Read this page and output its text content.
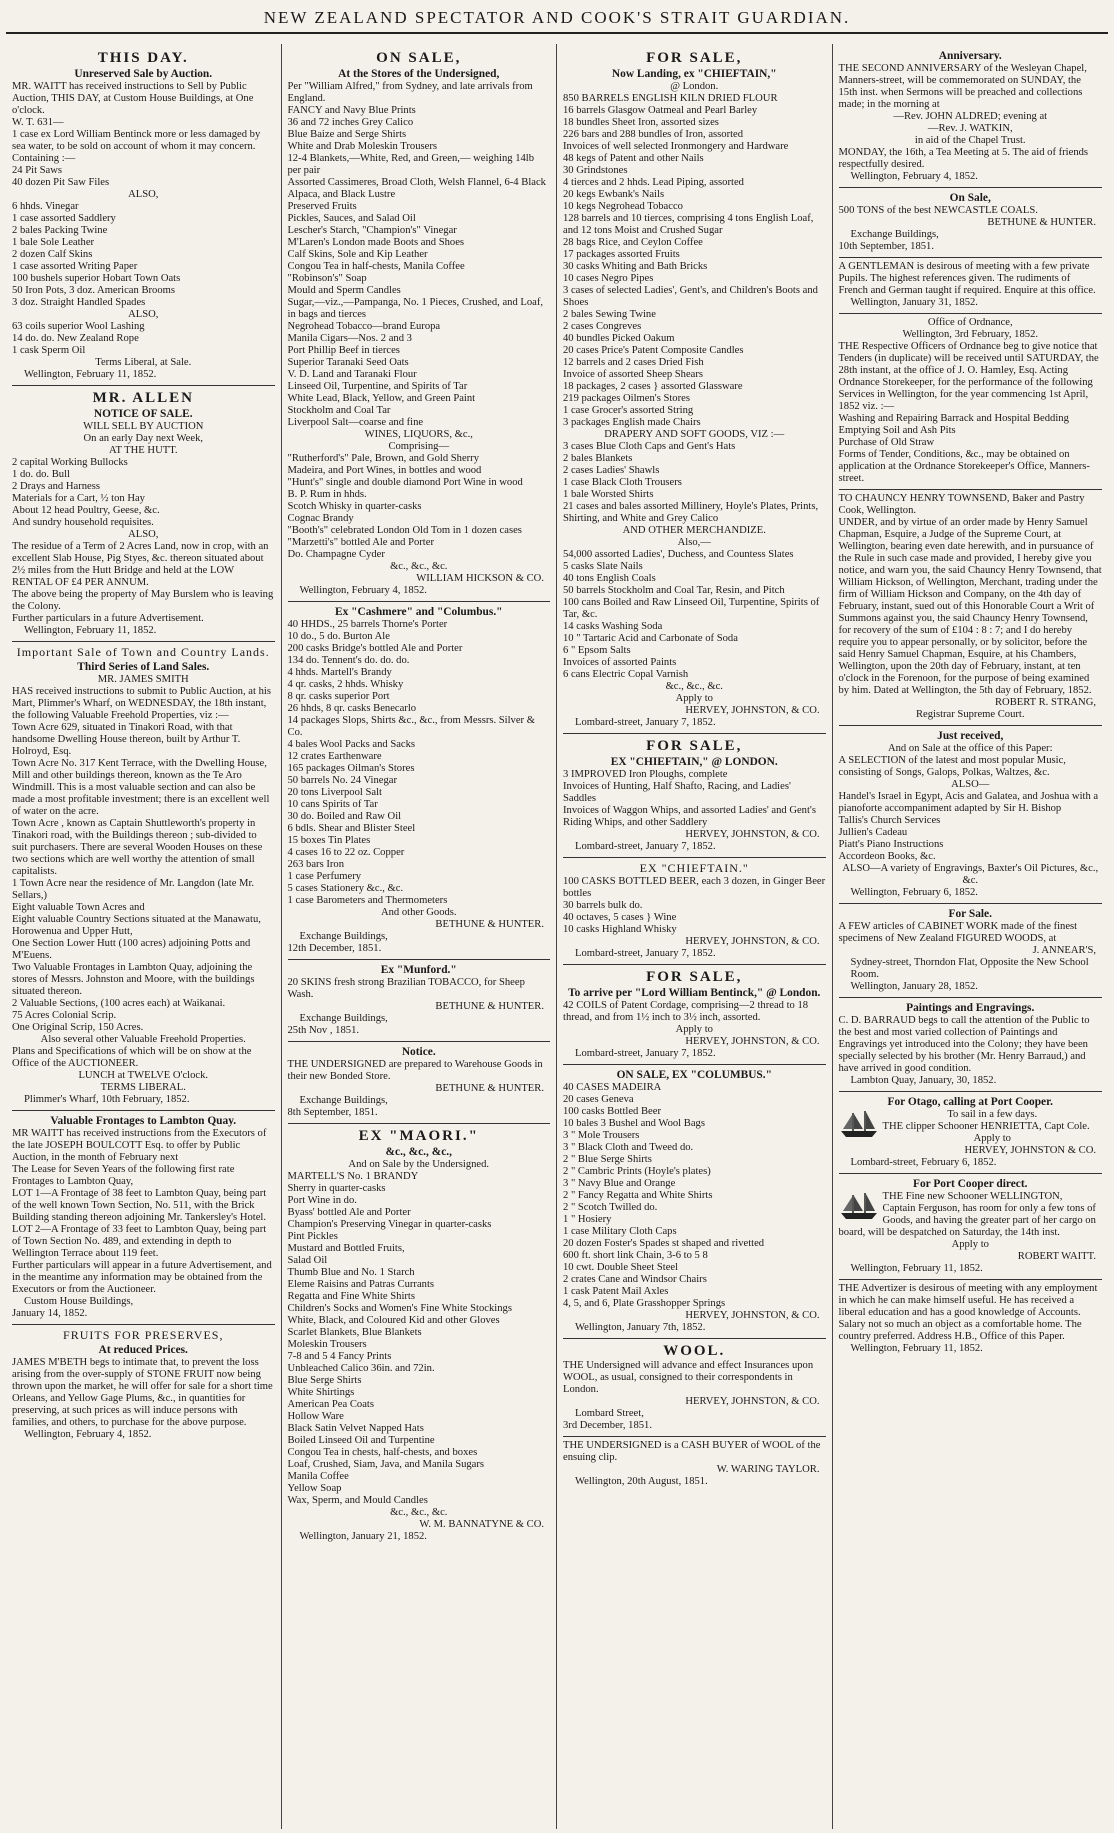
NEW ZEALAND SPECTATOR AND COOK'S STRAIT GUARDIAN.

THIS DAY.

Unreserved Sale by Auction.

MR. WAITT has received instructions to Sell by Public Auction, THIS DAY, at Custom House Buildings, at One o'clock.

W. T. 631—

1 case ex Lord William Bentinck more or less damaged by sea water, to be sold on account of whom it may concern.

Containing :—

24 Pit Saws

40 dozen Pit Saw Files

ALSO,

6 hhds. Vinegar

1 case assorted Saddlery

2 bales Packing Twine

1 bale Sole Leather

2 dozen Calf Skins

1 case assorted Writing Paper

100 bushels superior Hobart Town Oats

50 Iron Pots, 3 doz. American Brooms

3 doz. Straight Handled Spades

ALSO,

63 coils superior Wool Lashing

14 do. do. New Zealand Rope

1 cask Sperm Oil

Terms Liberal, at Sale.

Wellington, February 11, 1852.

MR. ALLEN

NOTICE OF SALE.

WILL SELL BY AUCTION

On an early Day next Week,

AT THE HUTT.

2 capital Working Bullocks

1 do. do. Bull

2 Drays and Harness

Materials for a Cart, ½ ton Hay

About 12 head Poultry, Geese, &c.

And sundry household requisites.

ALSO,

The residue of a Term of 2 Acres Land, now in crop, with an excellent Slab House, Pig Styes, &c. thereon situated about 2½ miles from the Hutt Bridge and held at the LOW RENTAL OF £4 PER ANNUM.

The above being the property of May Burslem who is leaving the Colony.

Further particulars in a future Advertisement.

Wellington, February 11, 1852.

Important Sale of Town and Country Lands.

Third Series of Land Sales.

MR. JAMES SMITH

HAS received instructions to submit to Public Auction, at his Mart, Plimmer's Wharf, on WEDNESDAY, the 18th instant, the following Valuable Freehold Properties, viz :—

Town Acre 629, situated in Tinakori Road, with that handsome Dwelling House thereon, built by Arthur T. Holroyd, Esq.

Town Acre No. 317 Kent Terrace, with the Dwelling House, Mill and other buildings thereon, known as the Te Aro Windmill. This is a most valuable section and can also be made a most profitable investment; there is an excellent well of water on the acre.

Town Acre , known as Captain Shuttleworth's property in Tinakori road, with the Buildings thereon ; sub-divided to suit purchasers. There are several Wooden Houses on these two sections which are well worthy the attention of small capitalists.

1 Town Acre near the residence of Mr. Langdon (late Mr. Sellars,)

Eight valuable Town Acres and

Eight valuable Country Sections situated at the Manawatu, Horowenua and Upper Hutt,

One Section Lower Hutt (100 acres) adjoining Potts and M'Euens.

Two Valuable Frontages in Lambton Quay, adjoining the stores of Messrs. Johnston and Moore, with the buildings situated thereon.

2 Valuable Sections, (100 acres each) at Waikanai.

75 Acres Colonial Scrip.

One Original Scrip, 150 Acres.

Also several other Valuable Freehold Properties.

Plans and Specifications of which will be on show at the Office of the AUCTIONEER.

LUNCH at TWELVE O'clock.

TERMS LIBERAL.

Plimmer's Wharf, 10th February, 1852.

Valuable Frontages to Lambton Quay.

MR WAITT has received instructions from the Executors of the late JOSEPH BOULCOTT Esq. to offer by Public Auction, in the month of February next

The Lease for Seven Years of the following first rate Frontages to Lambton Quay,

LOT 1—A Frontage of 38 feet to Lambton Quay, being part of the well known Town Section, No. 511, with the Brick Building standing thereon adjoining Mr. Tankersley's Hotel.

LOT 2—A Frontage of 33 feet to Lambton Quay, being part of Town Section No. 489, and extending in depth to Wellington Terrace about 119 feet.

Further particulars will appear in a future Advertisement, and in the meantime any information may be obtained from the Executors or from the Auctioneer.

Custom House Buildings,

January 14, 1852.

FRUITS FOR PRESERVES,

At reduced Prices.

JAMES M'BETH begs to intimate that, to prevent the loss arising from the over-supply of STONE FRUIT now being thrown upon the market, he will offer for sale for a short time Orleans, and Yellow Gage Plums, &c., in quantities for preserving, at such prices as will induce persons with families, and others, to purchase for the above purpose.

Wellington, February 4, 1852.

ON SALE,

At the Stores of the Undersigned,

Per "William Alfred," from Sydney, and late arrivals from England.

FANCY and Navy Blue Prints

36 and 72 inches Grey Calico

Blue Baize and Serge Shirts

White and Drab Moleskin Trousers

12-4 Blankets,—White, Red, and Green,— weighing 14lb per pair

Assorted Cassimeres, Broad Cloth, Welsh Flannel, 6-4 Black Alpaca, and Black Lustre

Preserved Fruits

Pickles, Sauces, and Salad Oil

Lescher's Starch, "Champion's" Vinegar

M'Laren's London made Boots and Shoes

Calf Skins, Sole and Kip Leather

Congou Tea in half-chests, Manila Coffee

"Robinson's" Soap

Mould and Sperm Candles

Sugar,—viz.,—Pampanga, No. 1 Pieces, Crushed, and Loaf, in bags and tierces

Negrohead Tobacco—brand Europa

Manila Cigars—Nos. 2 and 3

Port Phillip Beef in tierces

Superior Taranaki Seed Oats

V. D. Land and Taranaki Flour

Linseed Oil, Turpentine, and Spirits of Tar

White Lead, Black, Yellow, and Green Paint

Stockholm and Coal Tar

Liverpool Salt—coarse and fine

WINES, LIQUORS, &c.,

Comprising—

"Rutherford's" Pale, Brown, and Gold Sherry

Madeira, and Port Wines, in bottles and wood

"Hunt's" single and double diamond Port Wine in wood

B. P. Rum in hhds.

Scotch Whisky in quarter-casks

Cognac Brandy

"Booth's" celebrated London Old Tom in 1 dozen cases

"Marzetti's" bottled Ale and Porter

Do. Champagne Cyder

&c., &c., &c.

WILLIAM HICKSON & CO.

Wellington, February 4, 1852.

Ex "Cashmere" and "Columbus."

40 HHDS., 25 barrels Thorne's Porter

10 do., 5 do. Burton Ale

200 casks Bridge's bottled Ale and Porter

134 do. Tennent's do. do. do.

4 hhds. Martell's Brandy

4 qr. casks, 2 hhds. Whisky

8 qr. casks superior Port

26 hhds, 8 qr. casks Benecarlo

14 packages Slops, Shirts &c., &c., from Messrs. Silver & Co.

4 bales Wool Packs and Sacks

12 crates Earthenware

165 packages Oilman's Stores

50 barrels No. 24 Vinegar

20 tons Liverpool Salt

10 cans Spirits of Tar

30 do. Boiled and Raw Oil

6 bdls. Shear and Blister Steel

15 boxes Tin Plates

4 cases 16 to 22 oz. Copper

263 bars Iron

1 case Perfumery

5 cases Stationery &c., &c.

1 case Barometers and Thermometers

And other Goods.

BETHUNE & HUNTER.

Exchange Buildings,

12th December, 1851.

Ex "Munford."

20 SKINS fresh strong Brazilian TOBACCO, for Sheep Wash.

BETHUNE & HUNTER.

Exchange Buildings,

25th Nov , 1851.

Notice.

THE UNDERSIGNED are prepared to Warehouse Goods in their new Bonded Store.

BETHUNE & HUNTER.

Exchange Buildings,

8th September, 1851.

EX "MAORI."

&c., &c., &c.,

And on Sale by the Undersigned.

MARTELL'S No. 1 BRANDY

Sherry in quarter-casks

Port Wine in do.

Byass' bottled Ale and Porter

Champion's Preserving Vinegar in quarter-casks

Pint Pickles

Mustard and Bottled Fruits,

Salad Oil

Thumb Blue and No. 1 Starch

Eleme Raisins and Patras Currants

Regatta and Fine White Shirts

Children's Socks and Women's Fine White Stockings

White, Black, and Coloured Kid and other Gloves

Scarlet Blankets, Blue Blankets

Moleskin Trousers

7-8 and 5 4 Fancy Prints

Unbleached Calico 36in. and 72in.

Blue Serge Shirts

White Shirtings

American Pea Coats

Hollow Ware

Black Satin Velvet Napped Hats

Boiled Linseed Oil and Turpentine

Congou Tea in chests, half-chests, and boxes

Loaf, Crushed, Siam, Java, and Manila Sugars

Manila Coffee

Yellow Soap

Wax, Sperm, and Mould Candles

&c., &c., &c.

W. M. BANNATYNE & CO.

Wellington, January 21, 1852.

FOR SALE,

Now Landing, ex "CHIEFTAIN,"

@ London.

850 BARRELS ENGLISH KILN DRIED FLOUR

16 barrels Glasgow Oatmeal and Pearl Barley

18 bundles Sheet Iron, assorted sizes

226 bars and 288 bundles of Iron, assorted

Invoices of well selected Ironmongery and Hardware

48 kegs of Patent and other Nails

30 Grindstones

4 tierces and 2 hhds. Lead Piping, assorted

20 kegs Ewbank's Nails

10 kegs Negrohead Tobacco

128 barrels and 10 tierces, comprising 4 tons English Loaf, and 12 tons Moist and Crushed Sugar

28 bags Rice, and Ceylon Coffee

17 packages assorted Fruits

30 casks Whiting and Bath Bricks

10 cases Negro Pipes

3 cases of selected Ladies', Gent's, and Children's Boots and Shoes

2 bales Sewing Twine

2 cases Congreves

40 bundles Picked Oakum

20 cases Price's Patent Composite Candles

12 barrels and 2 cases Dried Fish

Invoice of assorted Sheep Shears

18 packages, 2 cases } assorted Glassware

219 packages Oilmen's Stores

1 case Grocer's assorted String

3 packages English made Chairs

DRAPERY AND SOFT GOODS, VIZ :—

3 cases Blue Cloth Caps and Gent's Hats

2 bales Blankets

2 cases Ladies' Shawls

1 case Black Cloth Trousers

1 bale Worsted Shirts

21 cases and bales assorted Millinery, Hoyle's Plates, Prints, Shirting, and White and Grey Calico

AND OTHER MERCHANDIZE.

Also,—

54,000 assorted Ladies', Duchess, and Countess Slates

5 casks Slate Nails

40 tons English Coals

50 barrels Stockholm and Coal Tar, Resin, and Pitch

100 cans Boiled and Raw Linseed Oil, Turpentine, Spirits of Tar, &c.

14 casks Washing Soda

10 " Tartaric Acid and Carbonate of Soda

6 " Epsom Salts

Invoices of assorted Paints

6 cans Electric Copal Varnish

&c., &c., &c.

Apply to

HERVEY, JOHNSTON, & CO.

Lombard-street, January 7, 1852.

FOR SALE,

EX "CHIEFTAIN," @ LONDON.

3 IMPROVED Iron Ploughs, complete

Invoices of Hunting, Half Shafto, Racing, and Ladies' Saddles

Invoices of Waggon Whips, and assorted Ladies' and Gent's Riding Whips, and other Saddlery

HERVEY, JOHNSTON, & CO.

Lombard-street, January 7, 1852.

EX "CHIEFTAIN."

100 CASKS BOTTLED BEER, each 3 dozen, in Ginger Beer bottles

30 barrels bulk do.

40 octaves, 5 cases } Wine

10 casks Highland Whisky

HERVEY, JOHNSTON, & CO.

Lombard-street, January 7, 1852.

FOR SALE,

To arrive per "Lord William Bentinck," @ London.

42 COILS of Patent Cordage, comprising—2 thread to 18 thread, and from 1½ inch to 3½ inch, assorted.

Apply to

HERVEY, JOHNSTON, & CO.

Lombard-street, January 7, 1852.

ON SALE, EX "COLUMBUS."

40 CASES MADEIRA

20 cases Geneva

100 casks Bottled Beer

10 bales 3 Bushel and Wool Bags

3 " Mole Trousers

3 " Black Cloth and Tweed do.

2 " Blue Serge Shirts

2 " Cambric Prints (Hoyle's plates)

3 " Navy Blue and Orange

2 " Fancy Regatta and White Shirts

2 " Scotch Twilled do.

1 " Hosiery

1 case Military Cloth Caps

20 dozen Foster's Spades st shaped and rivetted

600 ft. short link Chain, 3-6 to 5 8

10 cwt. Double Sheet Steel

2 crates Cane and Windsor Chairs

1 cask Patent Mail Axles

4, 5, and 6, Plate Grasshopper Springs

HERVEY, JOHNSTON, & CO.

Wellington, January 7th, 1852.

WOOL.

THE Undersigned will advance and effect Insurances upon WOOL, as usual, consigned to their correspondents in London.

HERVEY, JOHNSTON, & CO.

Lombard Street,

3rd December, 1851.

THE UNDERSIGNED is a CASH BUYER of WOOL of the ensuing clip.

W. WARING TAYLOR.

Wellington, 20th August, 1851.

Anniversary.

THE SECOND ANNIVERSARY of the Wesleyan Chapel, Manners-street, will be commemorated on SUNDAY, the 15th inst. when Sermons will be preached and collections made; in the morning at

—Rev. JOHN ALDRED; evening at

—Rev. J. WATKIN,

in aid of the Chapel Trust.

MONDAY, the 16th, a Tea Meeting at 5. The aid of friends respectfully desired.

Wellington, February 4, 1852.

On Sale,

500 TONS of the best NEWCASTLE COALS.

BETHUNE & HUNTER.

Exchange Buildings,

10th September, 1851.

A GENTLEMAN is desirous of meeting with a few private Pupils. The highest references given. The rudiments of French and German taught if required. Enquire at this office.

Wellington, January 31, 1852.

Office of Ordnance,

Wellington, 3rd February, 1852.

THE Respective Officers of Ordnance beg to give notice that Tenders (in duplicate) will be received until SATURDAY, the 28th instant, at the office of J. O. Hamley, Esq. Acting Ordnance Storekeeper, for the performance of the following Services in Wellington, for the year commencing 1st April, 1852 viz. :—

Washing and Repairing Barrack and Hospital Bedding

Emptying Soil and Ash Pits

Purchase of Old Straw

Forms of Tender, Conditions, &c., may be obtained on application at the Ordnance Storekeeper's Office, Manners-street.

TO CHAUNCY HENRY TOWNSEND, Baker and Pastry Cook, Wellington.

UNDER, and by virtue of an order made by Henry Samuel Chapman, Esquire, a Judge of the Supreme Court, at Wellington, bearing even date herewith, and in pursuance of the Rule in such case made and provided, I hereby give you notice, and warn you, the said Chauncy Henry Townsend, that William Hickson, of Wellington, Merchant, trading under the firm of William Hickson and Company, on the 4th day of February, instant, sued out of this Honorable Court a Writ of Summons against you, the said Chauncy Henry Townsend, for recovery of the sum of £104 : 8 : 7; and I do hereby require you to appear personally, or by solicitor, before the said Henry Samuel Chapman, Esquire, at his Chambers, Wellington, upon the 20th day of February, instant, at ten o'clock in the Forenoon, for the purpose of being examined by him. Dated at Wellington, the 5th day of February, 1852.

ROBERT R. STRANG,

Registrar Supreme Court.

Just received,

And on Sale at the office of this Paper:

A SELECTION of the latest and most popular Music, consisting of Songs, Galops, Polkas, Waltzes, &c.

ALSO—

Handel's Israel in Egypt, Acis and Galatea, and Joshua with a pianoforte accompaniment adapted by Sir H. Bishop

Tallis's Church Services

Jullien's Cadeau

Piatt's Piano Instructions

Accordeon Books, &c.

ALSO—A variety of Engravings, Baxter's Oil Pictures, &c., &c.

Wellington, February 6, 1852.

For Sale.

A FEW articles of CABINET WORK made of the finest specimens of New Zealand FIGURED WOODS, at

J. ANNEAR'S,

Sydney-street, Thorndon Flat, Opposite the New School Room.

Wellington, January 28, 1852.

Paintings and Engravings.

C. D. BARRAUD begs to call the attention of the Public to the best and most varied collection of Paintings and Engravings yet introduced into the Colony; they have been specially selected by his brother (Mr. Henry Barraud,) and have arrived in good condition.

Lambton Quay, January, 30, 1852.

For Otago, calling at Port Cooper.

To sail in a few days.

THE clipper Schooner HENRIETTA, Capt Cole.

Apply to

HERVEY, JOHNSTON & CO.

Lombard-street, February 6, 1852.

For Port Cooper direct.

THE Fine new Schooner WELLINGTON,

Captain Ferguson, has room for only a few tons of Goods, and having the greater part of her cargo on board, will be despatched on Saturday, the 14th inst.

Apply to

ROBERT WAITT.

Wellington, February 11, 1852.

THE Advertizer is desirous of meeting with any employment in which he can make himself useful. He has received a liberal education and has a good knowledge of Accounts. Salary not so much an object as a comfortable home. The country preferred. Address H.B., Office of this Paper.

Wellington, February 11, 1852.
